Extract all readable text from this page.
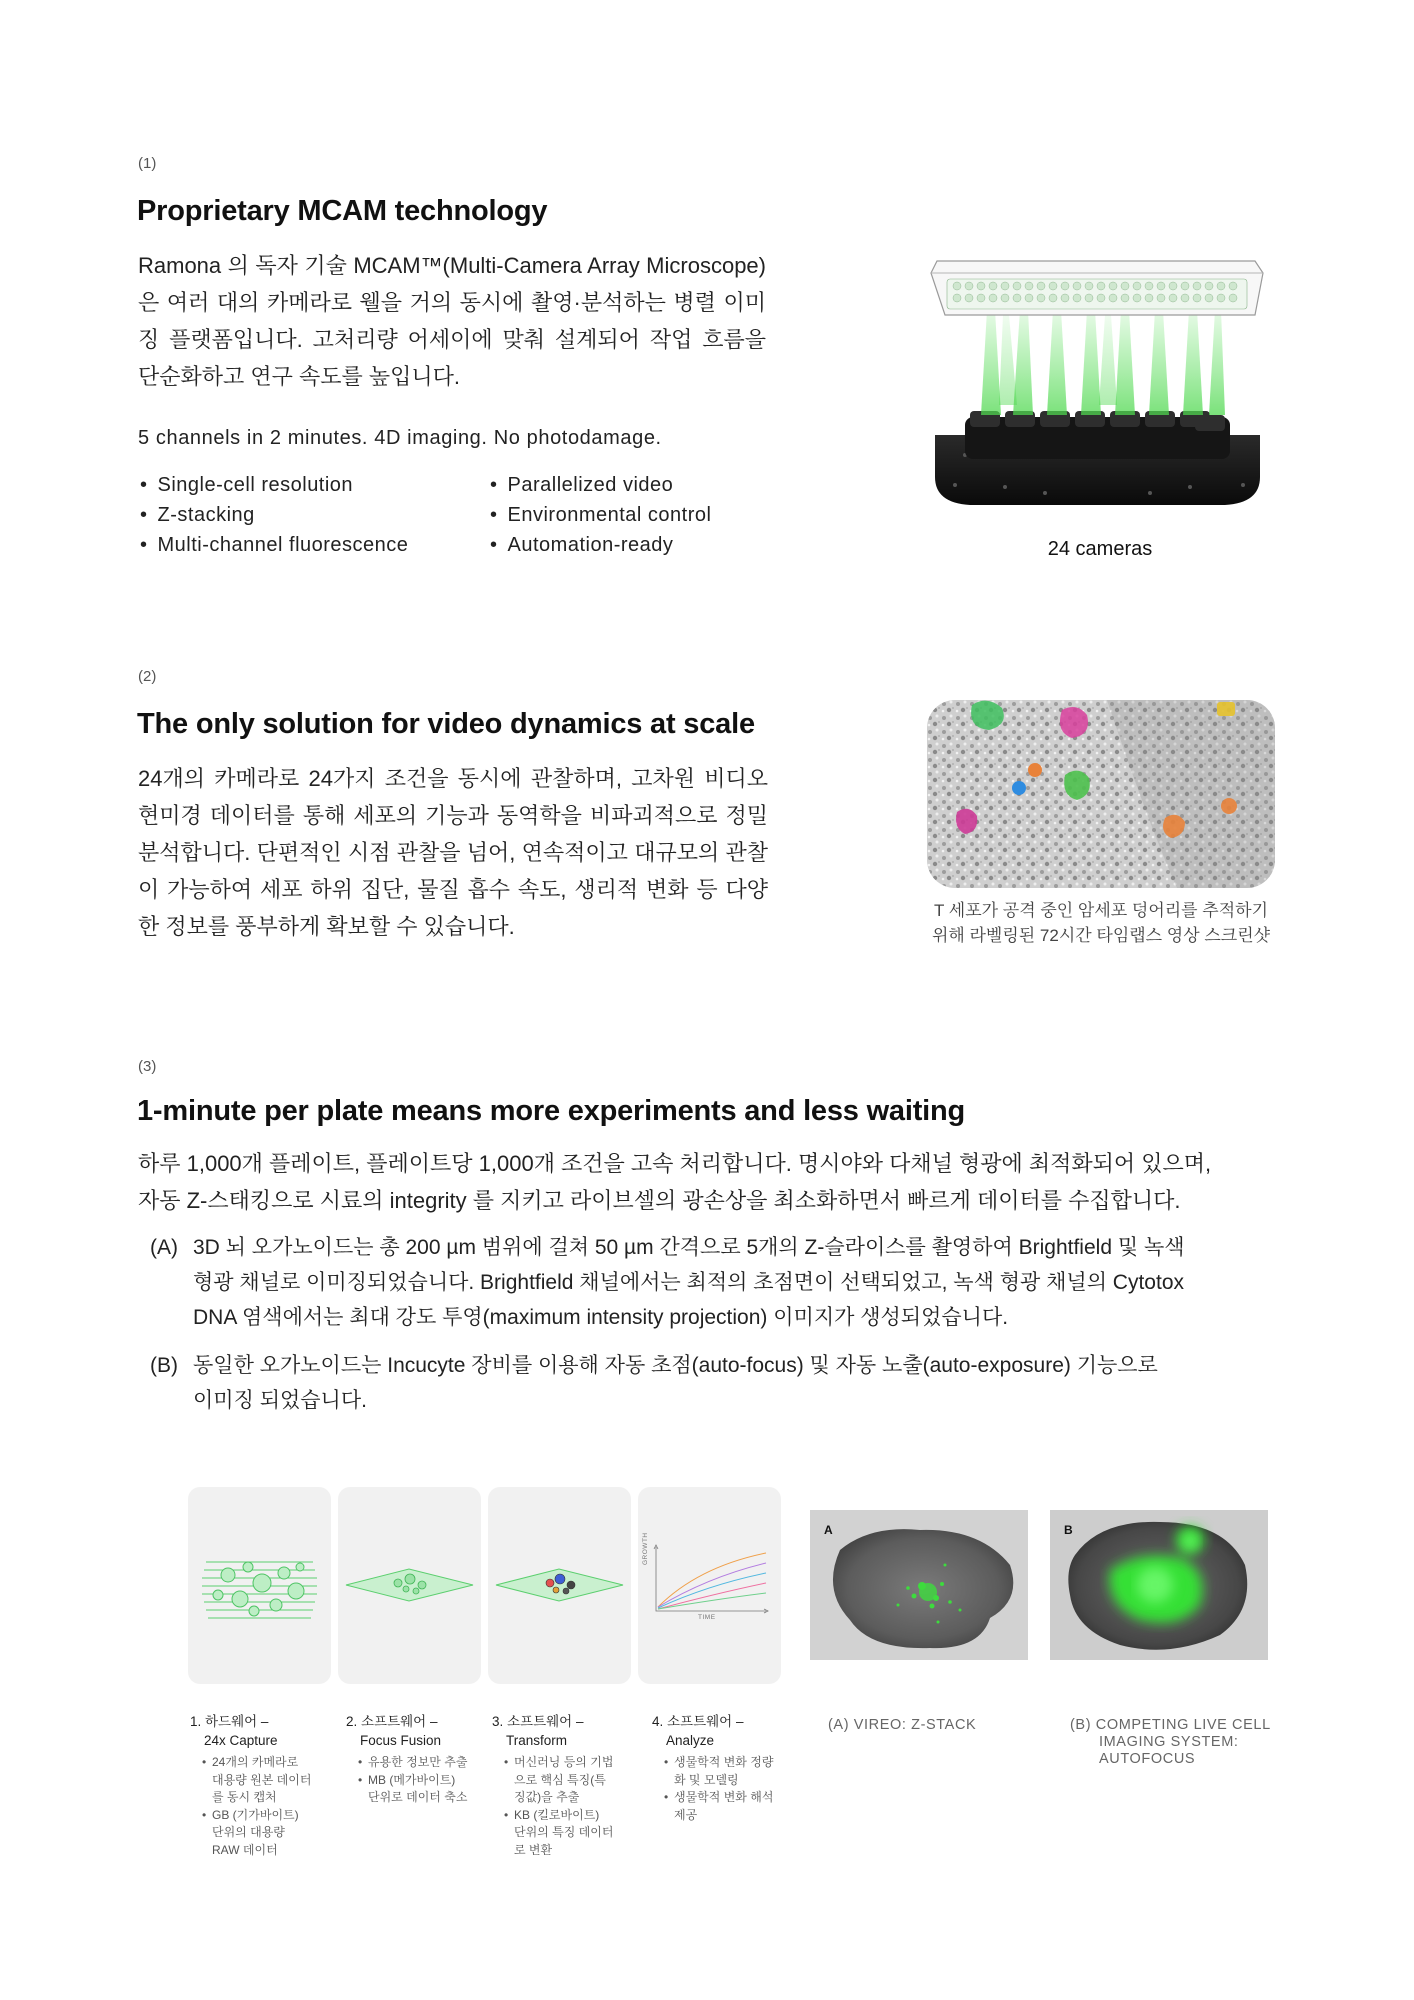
(1)
Proprietary MCAM technology
Ramona 의 독자 기술 MCAM™(Multi-Camera Array Microscope)은 여러 대의 카메라로 웰을 거의 동시에 촬영·분석하는 병렬 이미징 플랫폼입니다. 고처리량 어세이에 맞춰 설계되어 작업 흐름을 단순화하고 연구 속도를 높입니다.
5 channels in 2 minutes. 4D imaging. No photodamage.
• Single-cell resolution
• Z-stacking
• Multi-channel fluorescence
• Parallelized video
• Environmental control
• Automation-ready	24 cameras
(2)
The only solution for video dynamics at scale
24개의 카메라로 24가지 조건을 동시에 관찰하며, 고차원 비디오 현미경 데이터를 통해 세포의 기능과 동역학을 비파괴적으로 정밀 분석합니다. 단편적인 시점 관찰을 넘어, 연속적이고 대규모의 관찰이 가능하여 세포 하위 집단, 물질 흡수 속도, 생리적 변화 등 다양한 정보를 풍부하게 확보할 수 있습니다.
T 세포가 공격 중인 암세포 덩어리를 추적하기
위해 라벨링된 72시간 타임랩스 영상 스크린샷
(3)
1-minute per plate means more experiments and less waiting
하루 1,000개 플레이트, 플레이트당 1,000개 조건을 고속 처리합니다. 명시야와 다채널 형광에 최적화되어 있으며,
자동 Z-스태킹으로 시료의 integrity 를 지키고 라이브셀의 광손상을 최소화하면서 빠르게 데이터를 수집합니다.
(A) 3D 뇌 오가노이드는 총 200 µm 범위에 걸쳐 50 µm 간격으로 5개의 Z-슬라이스를 촬영하여 Brightfield 및 녹색
형광 채널로 이미징되었습니다. Brightfield 채널에서는 최적의 초점면이 선택되었고, 녹색 형광 채널의 Cytotox
DNA 염색에서는 최대 강도 투영(maximum intensity projection) 이미지가 생성되었습니다.
(B) 동일한 오가노이드는 Incucyte 장비를 이용해 자동 초점(auto-focus) 및 자동 노출(auto-exposure) 기능으로
이미징 되었습니다.
GROWTH
TIME
1. 하드웨어 –
24x Capture
• 24개의 카메라로 대용량 원본 데이터를 동시 캡처
• GB (기가바이트) 단위의 대용량 RAW 데이터
2. 소프트웨어 –
Focus Fusion
• 유용한 정보만 추출
• MB (메가바이트) 단위로 데이터 축소
3. 소프트웨어 –
Transform
• 머신러닝 등의 기법으로 핵심 특징(특징값)을 추출
• KB (킬로바이트) 단위의 특징 데이터로 변환
4. 소프트웨어 –
Analyze
• 생물학적 변화 정량화 및 모델링
• 생물학적 변화 해석 제공
A	B
(A) VIREO: Z-STACK	(B) COMPETING LIVE CELL
IMAGING SYSTEM:
AUTOFOCUS
